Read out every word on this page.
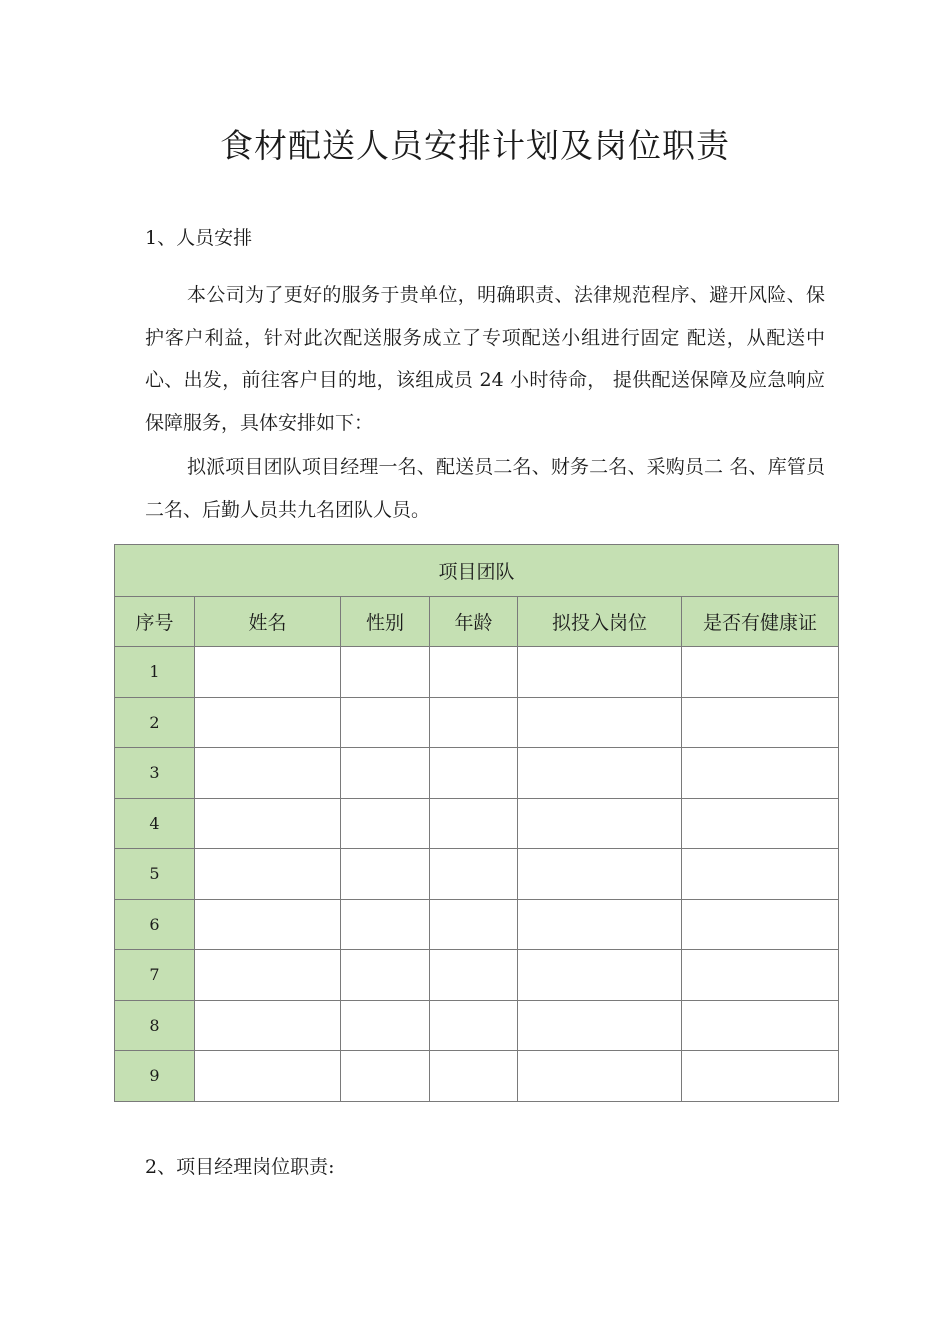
食材配送人员安排计划及岗位职责
1、人员安排

本公司为了更好的服务于贵单位，明确职责、法律规范程序、避开风险、保护客户利益，针对此次配送服务成立了专项配送小组进行固定 配送，从配送中心、出发，前往客户目的地，该组成员 24 小时待命， 提供配送保障及应急响应保障服务，具体安排如下：

拟派项目团队项目经理一名、配送员二名、财务二名、采购员二 名、库管员二名、后勤人员共九名团队人员。

项目团队					
序号	姓名	性别	年龄	拟投入岗位	是否有健康证
1					
2					
3					
4					
5					
6					
7					
8					
9					
2、项目经理岗位职责:
